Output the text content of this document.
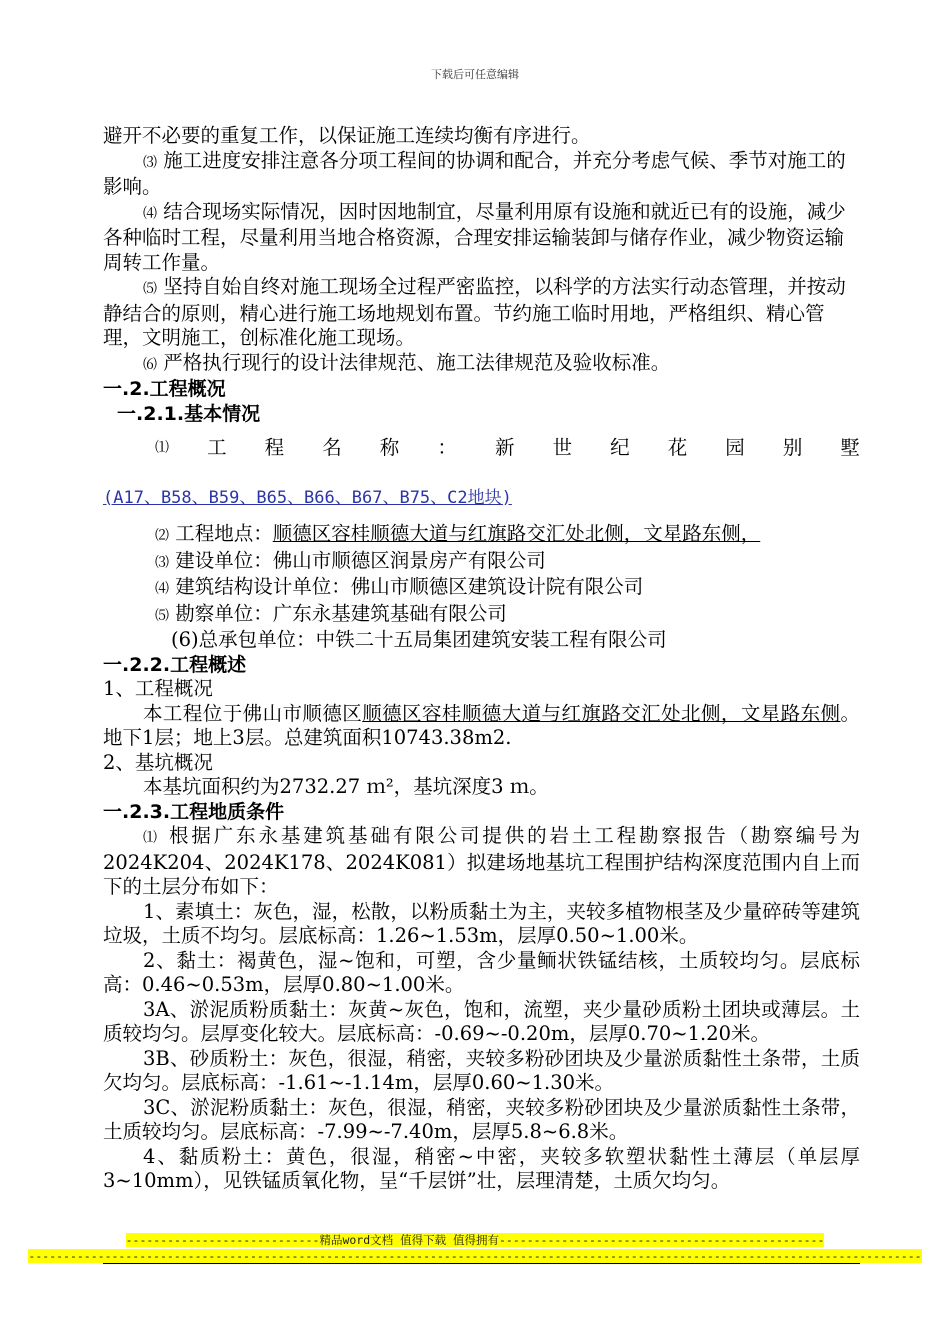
下载后可任意编辑

避开不必要的重复工作，以保证施工连续均衡有序进行。

⑶ 施工进度安排注意各分项工程间的协调和配合，并充分考虑气候、季节对施工的影响。

⑷ 结合现场实际情况，因时因地制宜，尽量利用原有设施和就近已有的设施，减少各种临时工程，尽量利用当地合格资源，合理安排运输装卸与储存作业，减少物资运输周转工作量。

⑸ 坚持自始自终对施工现场全过程严密监控，以科学的方法实行动态管理，并按动静结合的原则，精心进行施工场地规划布置。节约施工临时用地，严格组织、精心管理，文明施工，创标准化施工现场。

⑹ 严格执行现行的设计法律规范、施工法律规范及验收标准。

一.2.工程概况

一.2.1.基本情况

⑴ 工 程 名 称 ： 新 世 纪 花 园 别 墅

(A17、B58、B59、B65、B66、B67、B75、C2地块)

⑵ 工程地点：顺德区容桂顺德大道与红旗路交汇处北侧，文星路东侧，

⑶ 建设单位：佛山市顺德区润景房产有限公司

⑷ 建筑结构设计单位：佛山市顺德区建筑设计院有限公司

⑸ 勘察单位：广东永基建筑基础有限公司

(6)总承包单位：中铁二十五局集团建筑安装工程有限公司

一.2.2.工程概述

1、工程概况

本工程位于佛山市顺德区顺德区容桂顺德大道与红旗路交汇处北侧，文星路东侧。地下1层；地上3层。总建筑面积10743.38m2.

2、基坑概况

本基坑面积约为2732.27 ｍ²，基坑深度3 ｍ。

一.2.3.工程地质条件

⑴ 根据广东永基建筑基础有限公司提供的岩土工程勘察报告（勘察编号为2024K204、2024K178、2024K081）拟建场地基坑工程围护结构深度范围内自上而下的土层分布如下：

1、素填土：灰色，湿，松散，以粉质黏土为主，夹较多植物根茎及少量碎砖等建筑垃圾，土质不均匀。层底标高：1.26~1.53m，层厚0.50~1.00米。

2、黏土：褐黄色，湿~饱和，可塑，含少量鲕状铁锰结核，土质较均匀。层底标高：0.46~0.53m，层厚0.80~1.00米。

3A、淤泥质粉质黏土：灰黄~灰色，饱和，流塑，夹少量砂质粉土团块或薄层。土质较均匀。层厚变化较大。层底标高：-0.69~-0.20m，层厚0.70~1.20米。

3B、砂质粉土：灰色，很湿，稍密，夹较多粉砂团块及少量淤质黏性土条带，土质欠均匀。层底标高：-1.61~-1.14m，层厚0.60~1.30米。

3C、淤泥粉质黏土：灰色，很湿，稍密，夹较多粉砂团块及少量淤质黏性土条带，土质较均匀。层底标高：-7.99~-7.40m，层厚5.8~6.8米。

4、黏质粉土：黄色，很湿，稍密~中密，夹较多软塑状黏性土薄层（单层厚3~10mm），见铁锰质氧化物，呈“千层饼”壮，层理清楚，土质欠均匀。

----------------------------精品word文档 值得下载 值得拥有-----------------------------------------------
---------------------------------------------------------------------------------------------------------------------------------
